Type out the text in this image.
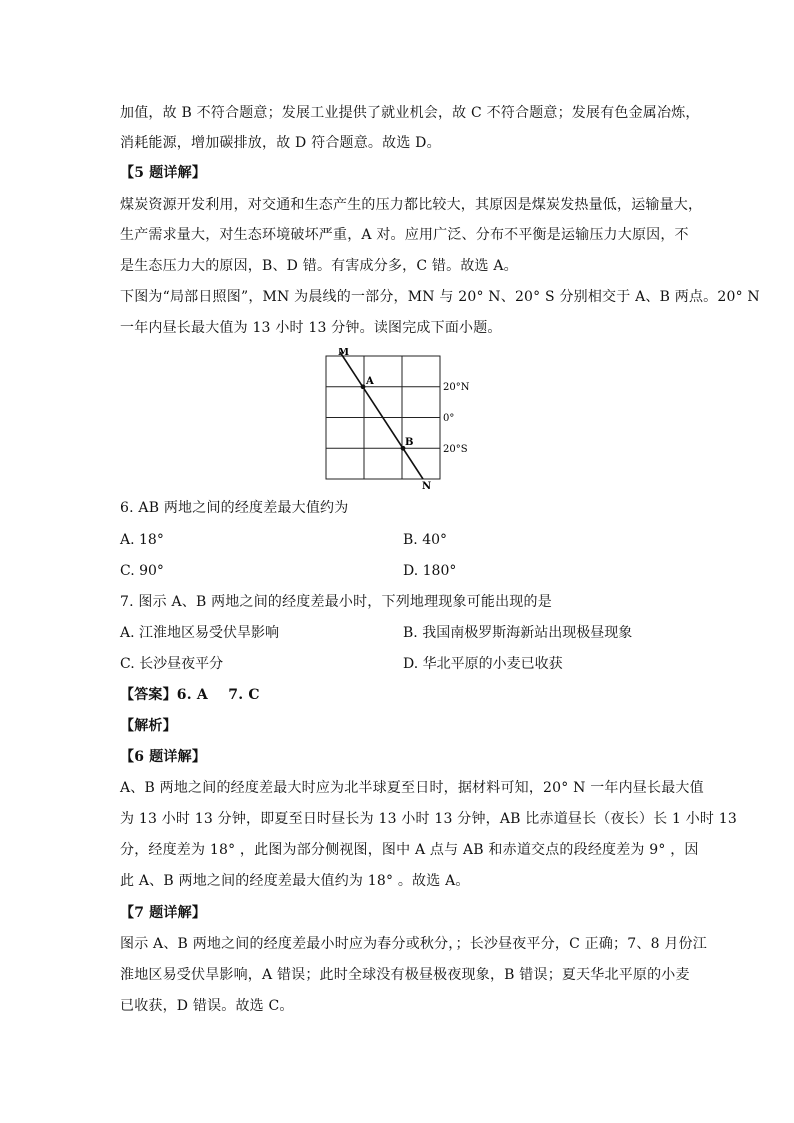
加值，故 B 不符合题意；发展工业提供了就业机会，故 C 不符合题意；发展有色金属冶炼，
消耗能源，增加碳排放，故 D 符合题意。故选 D。
【5 题详解】
煤炭资源开发利用，对交通和生态产生的压力都比较大，其原因是煤炭发热量低，运输量大，
生产需求量大，对生态环境破坏严重，A 对。应用广泛、分布不平衡是运输压力大原因，不
是生态压力大的原因，B、D 错。有害成分多，C 错。故选 A。
下图为“局部日照图”，MN 为晨线的一部分，MN 与 20° N、20° S 分别相交于 A、B 两点。20° N
一年内昼长最大值为 13 小时 13 分钟。读图完成下面小题。
M
N
A
B
20°N
0°
20°S
6. AB 两地之间的经度差最大值约为
A. 18°	B. 40°
C. 90°	D. 180°
7. 图示 A、B 两地之间的经度差最小时，下列地理现象可能出现的是
A. 江淮地区易受伏旱影响	B. 我国南极罗斯海新站出现极昼现象
C. 长沙昼夜平分	D. 华北平原的小麦已收获
【答案】6. A    7. C
【解析】
【6 题详解】
A、B 两地之间的经度差最大时应为北半球夏至日时，据材料可知，20° N 一年内昼长最大值
为 13 小时 13 分钟，即夏至日时昼长为 13 小时 13 分钟，AB 比赤道昼长（夜长）长 1 小时 13
分，经度差为 18° ，此图为部分侧视图，图中 A 点与 AB 和赤道交点的段经度差为 9° ，因
此 A、B 两地之间的经度差最大值约为 18° 。故选 A。
【7 题详解】
图示 A、B 两地之间的经度差最小时应为春分或秋分，；长沙昼夜平分，C 正确；7、8 月份江
淮地区易受伏旱影响，A 错误；此时全球没有极昼极夜现象，B 错误；夏天华北平原的小麦
已收获，D 错误。故选 C。
